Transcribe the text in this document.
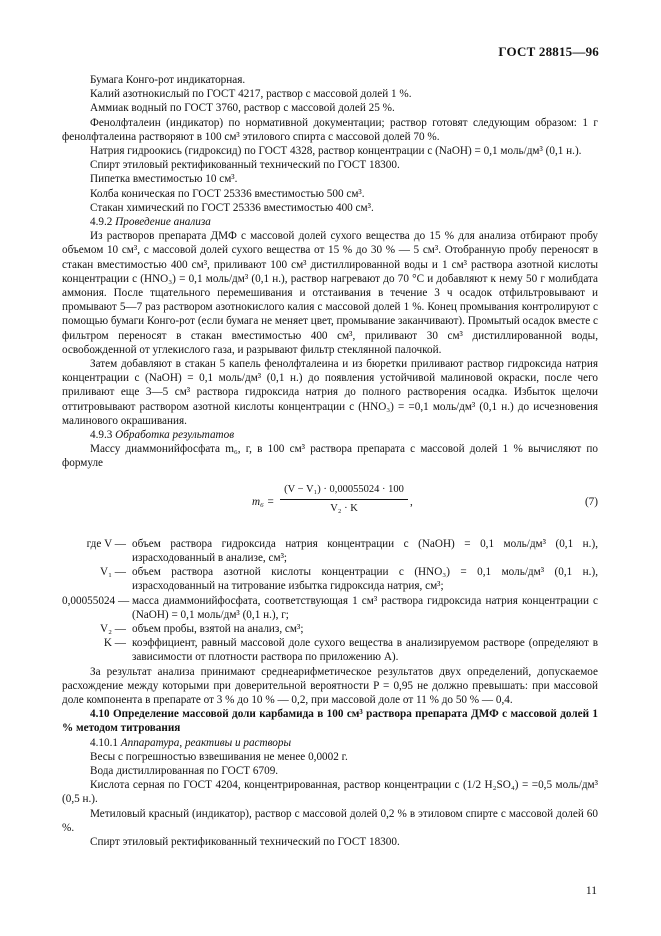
ГОСТ 28815—96

Бумага Конго-рот индикаторная.

Калий азотнокислый по ГОСТ 4217, раствор с массовой долей 1 %.

Аммиак водный по ГОСТ 3760, раствор с массовой долей 25 %.

Фенолфталеин (индикатор) по нормативной документации; раствор готовят следующим образом: 1 г фенолфталеина растворяют в 100 см³ этилового спирта с массовой долей 70 %.

Натрия гидроокись (гидроксид) по ГОСТ 4328, раствор концентрации c (NaOH) = 0,1 моль/дм³ (0,1 н.).

Спирт этиловый ректификованный технический по ГОСТ 18300.

Пипетка вместимостью 10 см³.

Колба коническая по ГОСТ 25336 вместимостью 500 см³.

Стакан химический по ГОСТ 25336 вместимостью 400 см³.

4.9.2 Проведение анализа

Из растворов препарата ДМФ с массовой долей сухого вещества до 15 % для анализа отбирают пробу объемом 10 см³, с массовой долей сухого вещества от 15 % до 30 % — 5 см³. Отобранную пробу переносят в стакан вместимостью 400 см³, приливают 100 см³ дистиллированной воды и 1 см³ раствора азотной кислоты концентрации c (HNO₃) = 0,1 моль/дм³ (0,1 н.), раствор нагревают до 70 °C и добавляют к нему 50 г молибдата аммония. После тщательного перемешивания и отстаивания в течение 3 ч осадок отфильтровывают и промывают 5—7 раз раствором азотнокислого калия с массовой долей 1 %. Конец промывания контролируют с помощью бумаги Конго-рот (если бумага не меняет цвет, промывание заканчивают). Промытый осадок вместе с фильтром переносят в стакан вместимостью 400 см³, приливают 30 см³ дистиллированной воды, освобожденной от углекислого газа, и разрывают фильтр стеклянной палочкой.

Затем добавляют в стакан 5 капель фенолфталеина и из бюретки приливают раствор гидроксида натрия концентрации c (NaOH) = 0,1 моль/дм³ (0,1 н.) до появления устойчивой малиновой окраски, после чего приливают еще 3—5 см³ раствора гидроксида натрия до полного растворения осадка. Избыток щелочи оттитровывают раствором азотной кислоты концентрации c (HNO₃) = =0,1 моль/дм³ (0,1 н.) до исчезновения малинового окрашивания.

4.9.3 Обработка результатов

Массу диаммонийфосфата m₆, г, в 100 см³ раствора препарата с массовой долей 1 % вычисляют по формуле

$m_6 = \frac{\text{(V − V₁) · 0,00055024 · 100}}{\text{V₂ · K}}$ ,	(7)
где V — объем раствора гидроксида натрия концентрации c (NaOH) = 0,1 моль/дм³ (0,1 н.), израсходованный в анализе, см³;
V₁ — объем раствора азотной кислоты концентрации c (HNO₃) = 0,1 моль/дм³ (0,1 н.), израсходованный на титрование избытка гидроксида натрия, см³;
0,00055024 — масса диаммонийфосфата, соответствующая 1 см³ раствора гидроксида натрия концентрации c (NaOH) = 0,1 моль/дм³ (0,1 н.), г;
V₂ — объем пробы, взятой на анализ, см³;
K — коэффициент, равный массовой доле сухого вещества в анализируемом растворе (определяют в зависимости от плотности раствора по приложению А).

За результат анализа принимают среднеарифметическое результатов двух определений, допускаемое расхождение между которыми при доверительной вероятности P = 0,95 не должно превышать: при массовой доле компонента в препарате от 3 % до 10 % — 0,2, при массовой доле от 11 % до 50 % — 0,4.

4.10 Определение массовой доли карбамида в 100 см³ раствора препарата ДМФ с массовой долей 1 % методом титрования

4.10.1 Аппаратура, реактивы и растворы

Весы с погрешностью взвешивания не менее 0,0002 г.

Вода дистиллированная по ГОСТ 6709.

Кислота серная по ГОСТ 4204, концентрированная, раствор концентрации c (1/2 H₂SO₄) = =0,5 моль/дм³ (0,5 н.).

Метиловый красный (индикатор), раствор с массовой долей 0,2 % в этиловом спирте с массовой долей 60 %.

Спирт этиловый ректификованный технический по ГОСТ 18300.

11
